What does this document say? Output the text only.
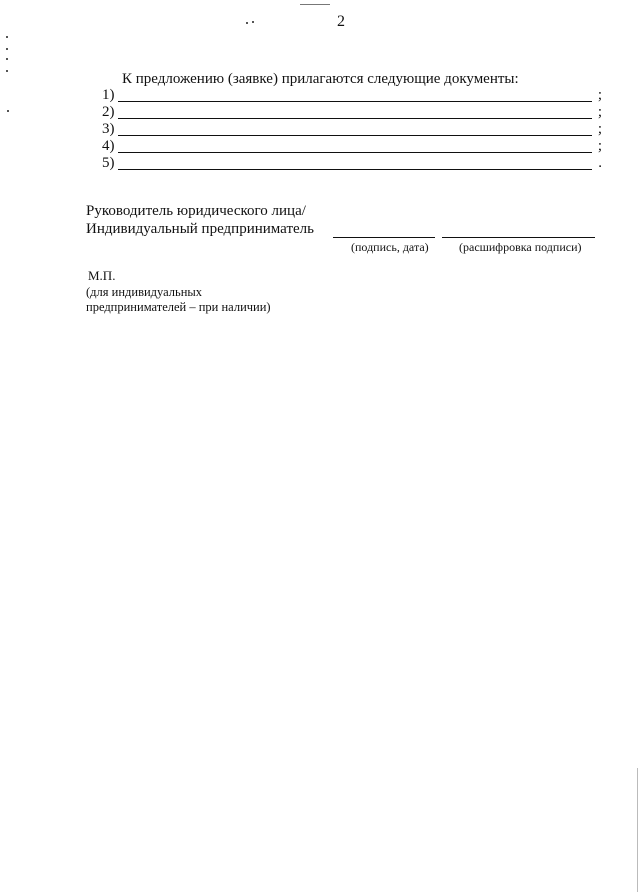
2
К предложению (заявке) прилагаются следующие документы:
1)	;
2)	;
3)	;
4)	;
5)	.
Руководитель юридического лица/
Индивидуальный предприниматель
(подпись, дата)	(расшифровка подписи)
М.П.
(для индивидуальных
предпринимателей – при наличии)
